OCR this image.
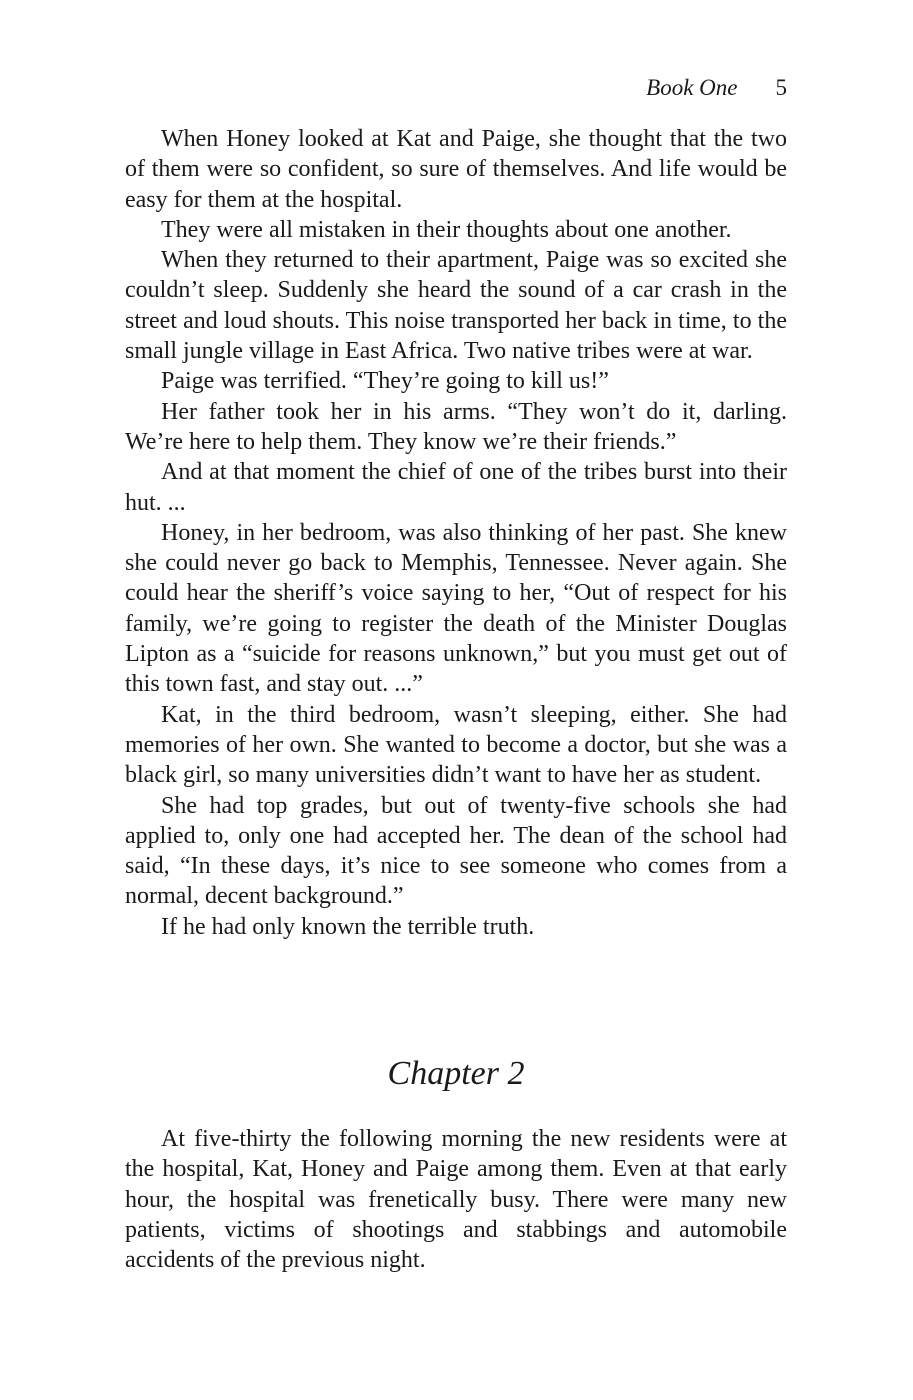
Book One 5

When Honey looked at Kat and Paige, she thought that the two of them were so confident, so sure of themselves. And life would be easy for them at the hospital.

They were all mistaken in their thoughts about one another.

When they returned to their apartment, Paige was so excited she couldn’t sleep. Suddenly she heard the sound of a car crash in the street and loud shouts. This noise transported her back in time, to the small jungle village in East Africa. Two native tribes were at war.

Paige was terrified. “They’re going to kill us!”

Her father took her in his arms. “They won’t do it, darling. We’re here to help them. They know we’re their friends.”

And at that moment the chief of one of the tribes burst into their hut. ...

Honey, in her bedroom, was also thinking of her past. She knew she could never go back to Memphis, Tennessee. Never again. She could hear the sheriff’s voice saying to her, “Out of respect for his family, we’re going to register the death of the Minister Douglas Lipton as a “suicide for reasons unknown,” but you must get out of this town fast, and stay out. ...”

Kat, in the third bedroom, wasn’t sleeping, either. She had memories of her own. She wanted to become a doctor, but she was a black girl, so many universities didn’t want to have her as student.

She had top grades, but out of twenty-five schools she had applied to, only one had accepted her. The dean of the school had said, “In these days, it’s nice to see someone who comes from a normal, decent background.”

If he had only known the terrible truth.

Chapter 2

At five-thirty the following morning the new residents were at the hospital, Kat, Honey and Paige among them. Even at that early hour, the hospital was frenetically busy. There were many new patients, victims of shootings and stabbings and automobile accidents of the previous night.
